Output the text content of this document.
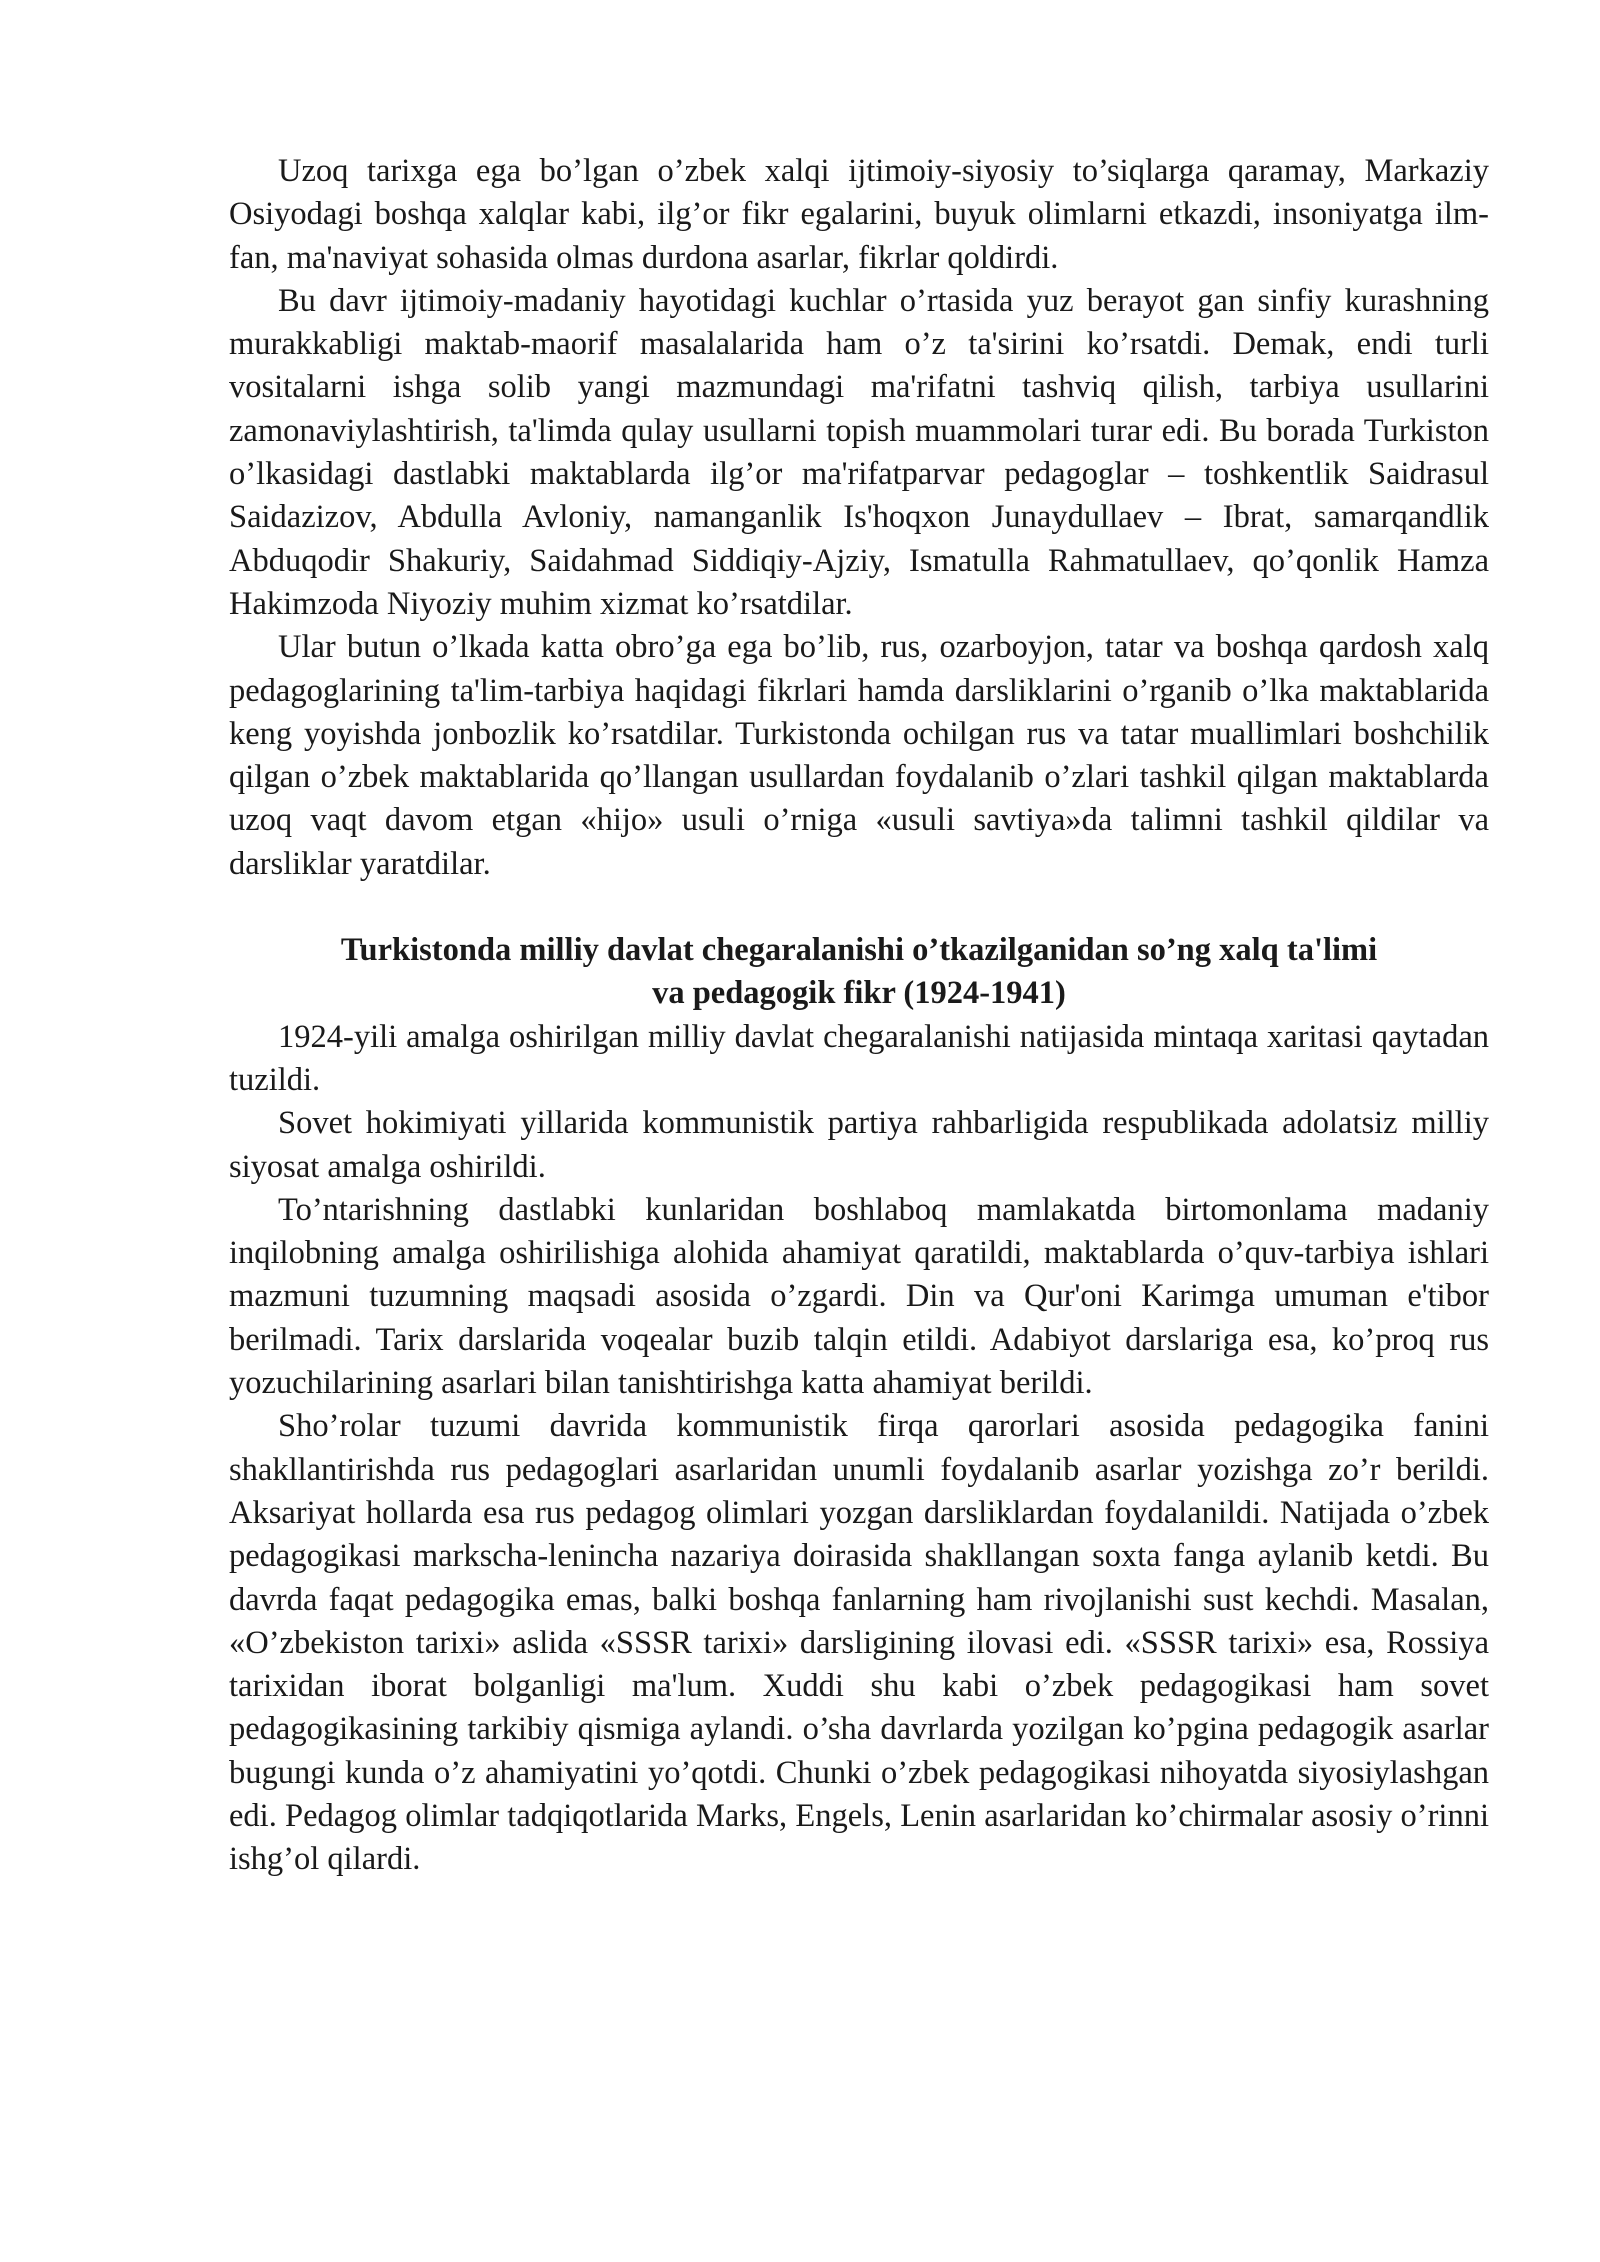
Uzoq tarixga ega bo’lgan o’zbek xalqi ijtimoiy-siyosiy to’siqlarga qaramay, Markaziy Osiyodagi boshqa xalqlar kabi, ilg’or fikr egalarini, buyuk olimlarni etkazdi, insoniyatga ilm-fan, ma'naviyat sohasida olmas durdona asarlar, fikrlar qoldirdi.

Bu davr ijtimoiy-madaniy hayotidagi kuchlar o’rtasida yuz berayot gan sinfiy kurashning murakkabligi maktab-maorif masalalarida ham o’z ta'sirini ko’rsatdi. Demak, endi turli vositalarni ishga solib yangi mazmundagi ma'rifatni tashviq qilish, tarbiya usullarini zamonaviylashtirish, ta'limda qulay usullarni topish muammolari turar edi. Bu borada Turkiston o’lkasidagi dastlabki maktablarda ilg’or ma'rifatparvar pedagoglar – toshkentlik Saidrasul Saidazizov, Abdulla Avloniy, namanganlik Is'hoqxon Junaydullaev – Ibrat, samarqandlik Abduqodir Shakuriy, Saidahmad Siddiqiy-Ajziy, Ismatulla Rahmatullaev, qo’qonlik Hamza Hakimzoda Niyoziy muhim xizmat ko’rsatdilar.

Ular butun o’lkada katta obro’ga ega bo’lib, rus, ozarboyjon, tatar va boshqa qardosh xalq pedagoglarining ta'lim-tarbiya haqidagi fikrlari hamda darsliklarini o’rganib o’lka maktablarida keng yoyishda jonbozlik ko’rsatdilar. Turkistonda ochilgan rus va tatar muallimlari boshchilik qilgan o’zbek maktablarida qo’llangan usullardan foydalanib o’zlari tashkil qilgan maktablarda uzoq vaqt davom etgan «hijo» usuli o’rniga «usuli savtiya»da talimni tashkil qildilar va darsliklar yaratdilar.

Turkistonda milliy davlat chegaralanishi o’tkazilganidan so’ng xalq ta'limi
va pedagogik fikr (1924-1941)

1924-yili amalga oshirilgan milliy davlat chegaralanishi natijasida mintaqa xaritasi qaytadan tuzildi.

Sovet hokimiyati yillarida kommunistik partiya rahbarligida respublikada adolatsiz milliy siyosat amalga oshirildi.

To’ntarishning dastlabki kunlaridan boshlaboq mamlakatda birtomonlama madaniy inqilobning amalga oshirilishiga alohida ahamiyat qaratildi, maktablarda o’quv-tarbiya ishlari mazmuni tuzumning maqsadi asosida o’zgardi. Din va Qur'oni Karimga umuman e'tibor berilmadi. Tarix darslarida voqealar buzib talqin etildi. Adabiyot darslariga esa, ko’proq rus yozuchilarining asarlari bilan tanishtirishga katta ahamiyat berildi.

Sho’rolar tuzumi davrida kommunistik firqa qarorlari asosida pedagogika fanini shakllantirishda rus pedagoglari asarlaridan unumli foydalanib asarlar yozishga zo’r berildi. Aksariyat hollarda esa rus pedagog olimlari yozgan darsliklardan foydalanildi. Natijada o’zbek pedagogikasi markscha-lenincha nazariya doirasida shakllangan soxta fanga aylanib ketdi. Bu davrda faqat pedagogika emas, balki boshqa fanlarning ham rivojlanishi sust kechdi. Masalan, «O’zbekiston tarixi» aslida «SSSR tarixi» darsligining ilovasi edi. «SSSR tarixi» esa, Rossiya tarixidan iborat bolganligi ma'lum. Xuddi shu kabi o’zbek pedagogikasi ham sovet pedagogikasining tarkibiy qismiga aylandi. o’sha davrlarda yozilgan ko’pgina pedagogik asarlar bugungi kunda o’z ahamiyatini yo’qotdi. Chunki o’zbek pedagogikasi nihoyatda siyosiylashgan edi. Pedagog olimlar tadqiqotlarida Marks, Engels, Lenin asarlaridan ko’chirmalar asosiy o’rinni ishg’ol qilardi.
